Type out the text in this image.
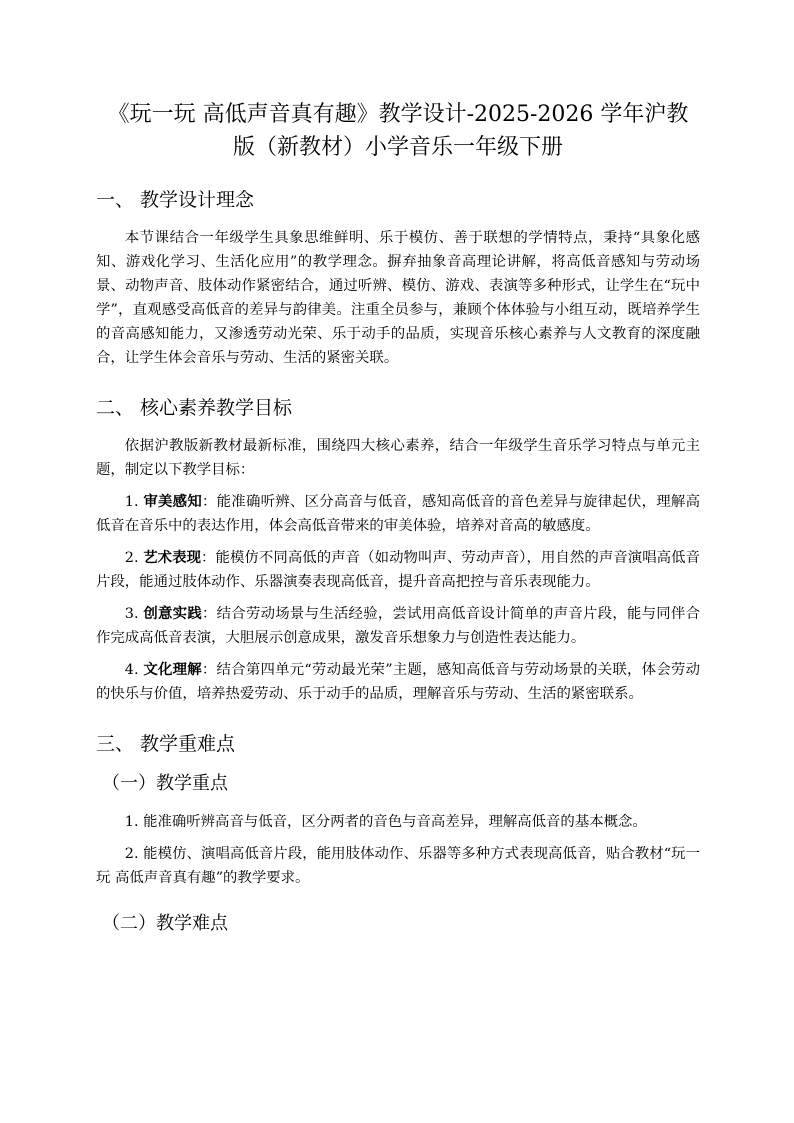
《玩一玩 高低声音真有趣》教学设计-2025-2026 学年沪教
版（新教材）小学音乐一年级下册
一、 教学设计理念

本节课结合一年级学生具象思维鲜明、乐于模仿、善于联想的学情特点，秉持“具象化感知、游戏化学习、生活化应用”的教学理念。摒弃抽象音高理论讲解，将高低音感知与劳动场景、动物声音、肢体动作紧密结合，通过听辨、模仿、游戏、表演等多种形式，让学生在“玩中学”，直观感受高低音的差异与韵律美。注重全员参与，兼顾个体体验与小组互动，既培养学生的音高感知能力，又渗透劳动光荣、乐于动手的品质，实现音乐核心素养与人文教育的深度融合，让学生体会音乐与劳动、生活的紧密关联。

二、 核心素养教学目标

依据沪教版新教材最新标准，围绕四大核心素养，结合一年级学生音乐学习特点与单元主题，制定以下教学目标：

1. 审美感知：能准确听辨、区分高音与低音，感知高低音的音色差异与旋律起伏，理解高低音在音乐中的表达作用，体会高低音带来的审美体验，培养对音高的敏感度。

2. 艺术表现：能模仿不同高低的声音（如动物叫声、劳动声音），用自然的声音演唱高低音片段，能通过肢体动作、乐器演奏表现高低音，提升音高把控与音乐表现能力。

3. 创意实践：结合劳动场景与生活经验，尝试用高低音设计简单的声音片段，能与同伴合作完成高低音表演，大胆展示创意成果，激发音乐想象力与创造性表达能力。

4. 文化理解：结合第四单元“劳动最光荣”主题，感知高低音与劳动场景的关联，体会劳动的快乐与价值，培养热爱劳动、乐于动手的品质，理解音乐与劳动、生活的紧密联系。

三、 教学重难点
（一）教学重点

1. 能准确听辨高音与低音，区分两者的音色与音高差异，理解高低音的基本概念。

2. 能模仿、演唱高低音片段，能用肢体动作、乐器等多种方式表现高低音，贴合教材“玩一玩 高低声音真有趣”的教学要求。

（二）教学难点
